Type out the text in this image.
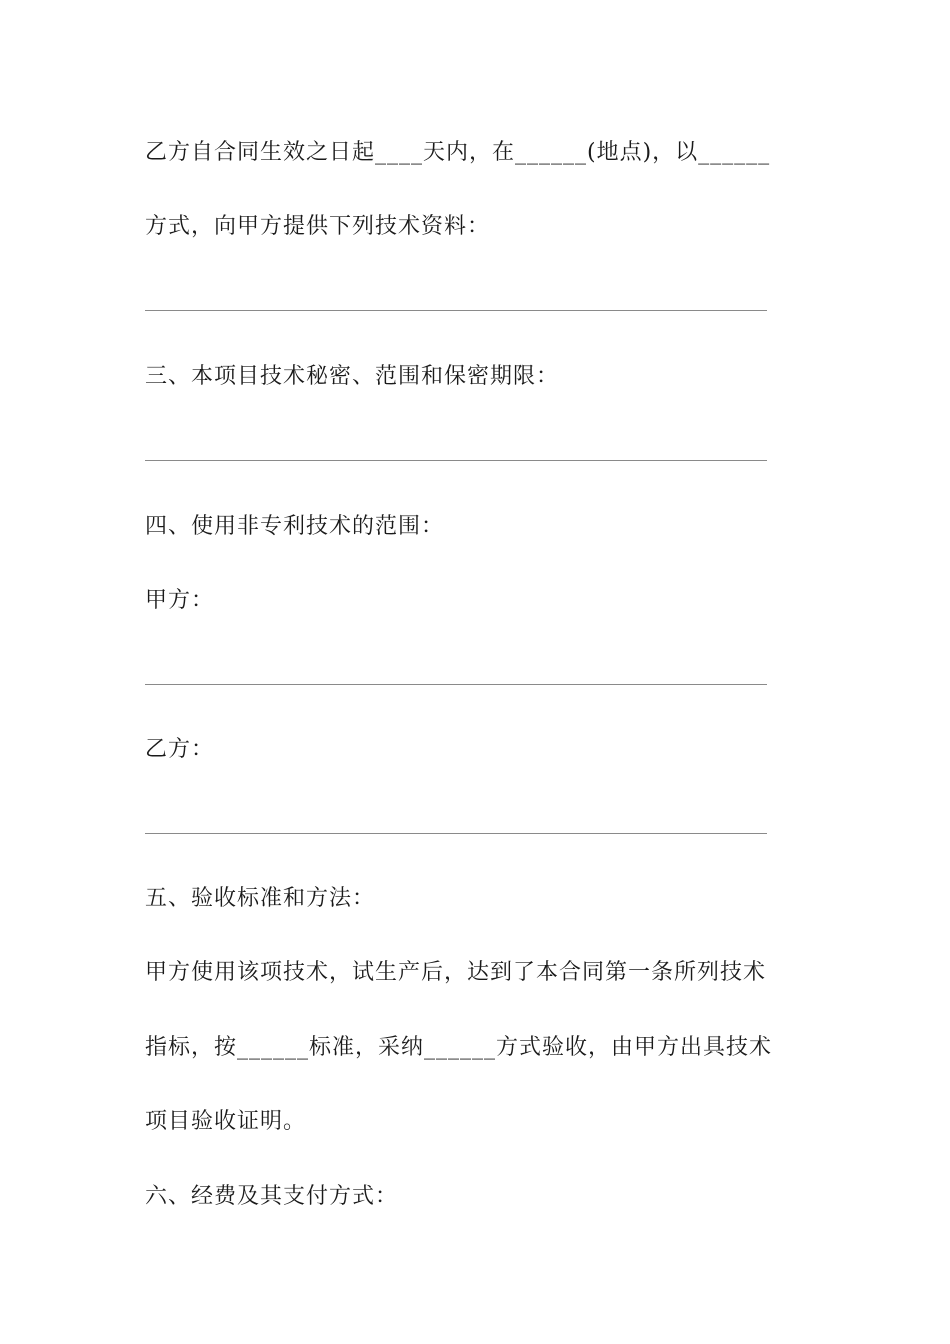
乙方自合同生效之日起____天内，在______(地点)，以______
方式，向甲方提供下列技术资料：
三、本项目技术秘密、范围和保密期限：
四、使用非专利技术的范围：
甲方：
乙方：
五、验收标准和方法：
甲方使用该项技术，试生产后，达到了本合同第一条所列技术
指标，按______标准，采纳______方式验收，由甲方出具技术
项目验收证明。
六、经费及其支付方式：
